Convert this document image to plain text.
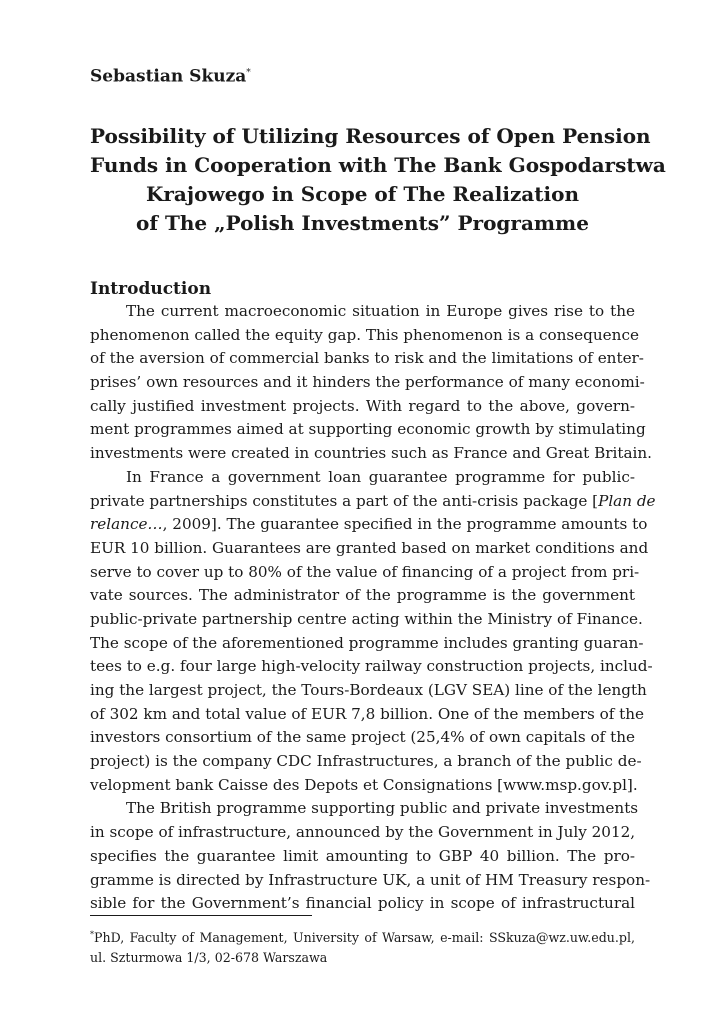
Sebastian Skuza*
Possibility of Utilizing Resources of Open Pension
Funds in Cooperation with The Bank Gospodarstwa
Krajowego in Scope of The Realization
of The „Polish Investments” Programme
Introduction
The current macroeconomic situation in Europe gives rise to the
phenomenon called the equity gap. This phenomenon is a consequence
of the aversion of commercial banks to risk and the limitations of enter-
prises’ own resources and it hinders the performance of many economi-
cally justified investment projects. With regard to the above, govern-
ment programmes aimed at supporting economic growth by stimulating
investments were created in countries such as France and Great Britain.
In France a government loan guarantee programme for public-
private partnerships constitutes a part of the anti-crisis package [Plan de
relance…, 2009]. The guarantee specified in the programme amounts to
EUR 10 billion. Guarantees are granted based on market conditions and
serve to cover up to 80% of the value of financing of a project from pri-
vate sources. The administrator of the programme is the government
public-private partnership centre acting within the Ministry of Finance.
The scope of the aforementioned programme includes granting guaran-
tees to e.g. four large high-velocity railway construction projects, includ-
ing the largest project, the Tours-Bordeaux (LGV SEA) line of the length
of 302 km and total value of EUR 7,8 billion. One of the members of the
investors consortium of the same project (25,4% of own capitals of the
project) is the company CDC Infrastructures, a branch of the public de-
velopment bank Caisse des Depots et Consignations [www.msp.gov.pl].
The British programme supporting public and private investments
in scope of infrastructure, announced by the Government in July 2012,
specifies the guarantee limit amounting to GBP 40 billion. The pro-
gramme is directed by Infrastructure UK, a unit of HM Treasury respon-
sible for the Government’s financial policy in scope of infrastructural
*PhD, Faculty of Management, University of Warsaw, e-mail: SSkuza@wz.uw.edu.pl,
ul. Szturmowa 1/3, 02-678 Warszawa
